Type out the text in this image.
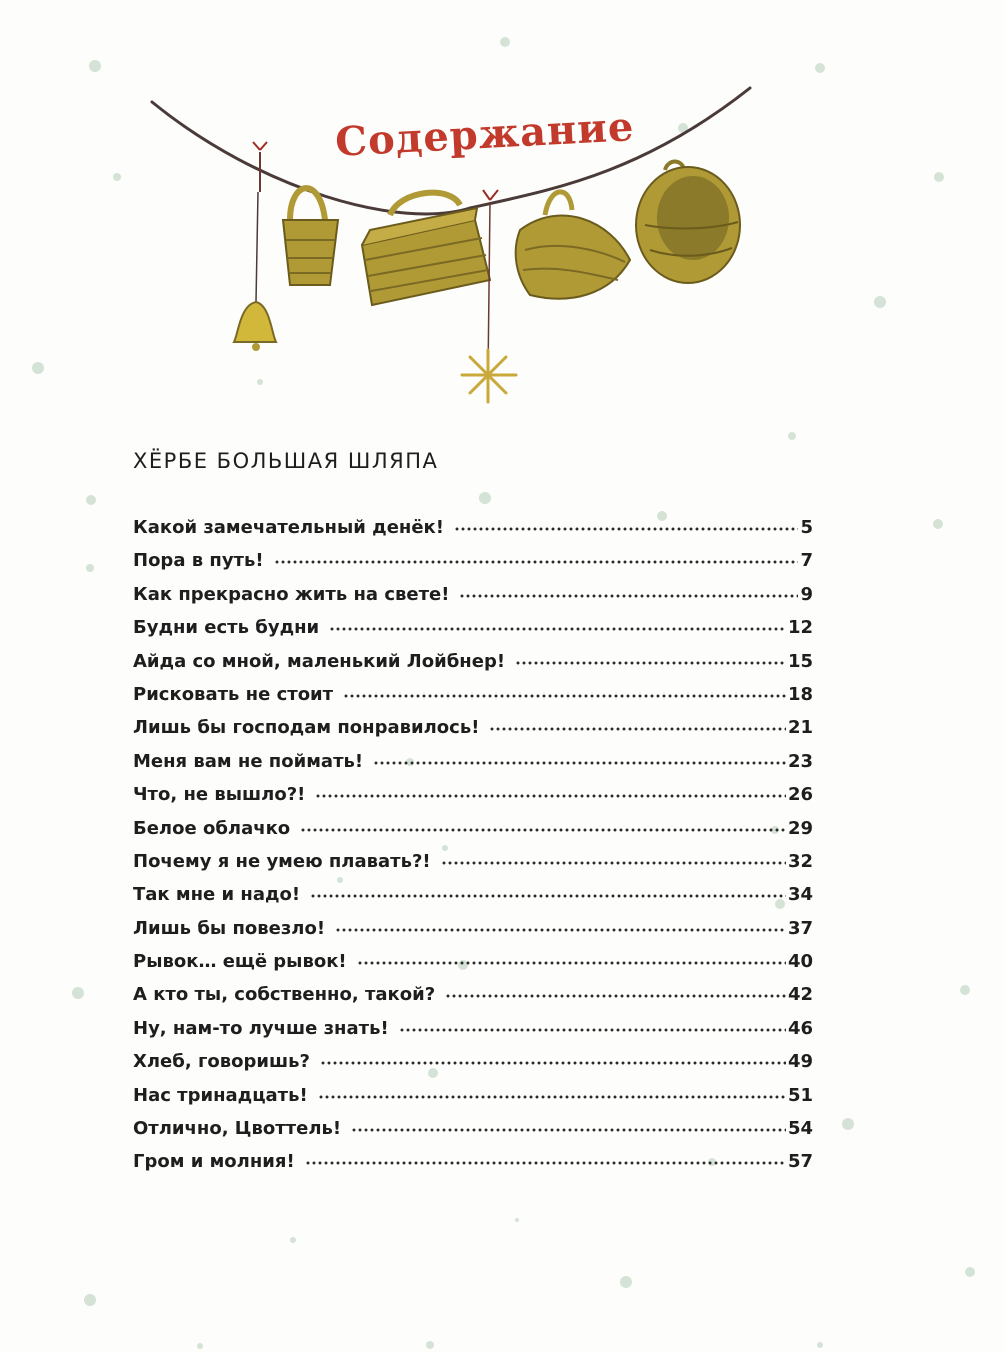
Содержание
ХЁРБЕ БОЛЬШАЯ ШЛЯПА
Какой замечательный денёк!	5
Пора в путь!	7
Как прекрасно жить на свете!	9
Будни есть будни	12
Айда со мной, маленький Лойбнер!	15
Рисковать не стоит	18
Лишь бы господам понравилось!	21
Меня вам не поймать!	23
Что, не вышло?!	26
Белое облачко	29
Почему я не умею плавать?!	32
Так мне и надо!	34
Лишь бы повезло!	37
Рывок… ещё рывок!	40
А кто ты, собственно, такой?	42
Ну, нам-то лучше знать!	46
Хлеб, говоришь?	49
Нас тринадцать!	51
Отлично, Цвоттель!	54
Гром и молния!	57
